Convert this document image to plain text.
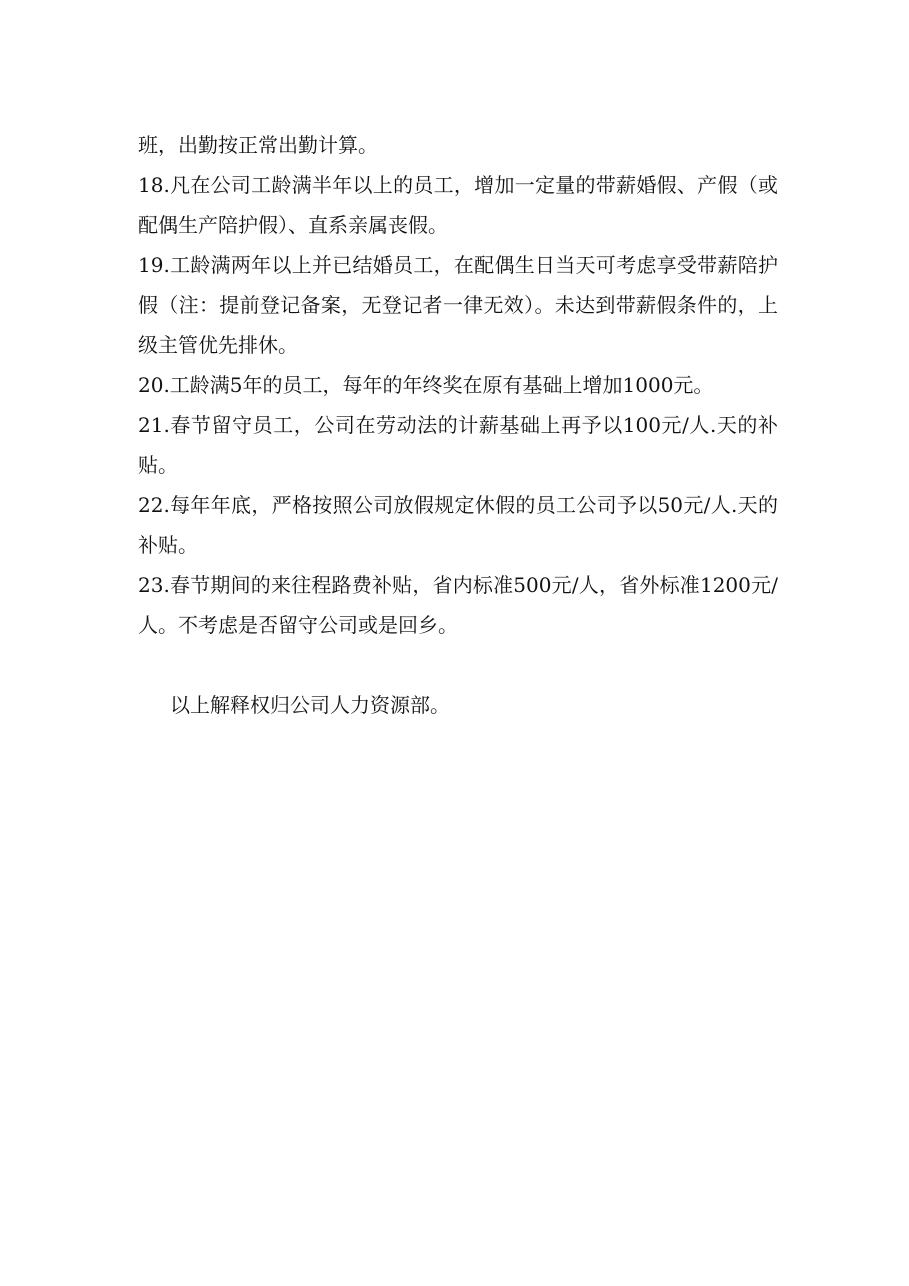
班，出勤按正常出勤计算。

18.凡在公司工龄满半年以上的员工，增加一定量的带薪婚假、产假（或配偶生产陪护假）、直系亲属丧假。

19.工龄满两年以上并已结婚员工，在配偶生日当天可考虑享受带薪陪护假（注：提前登记备案，无登记者一律无效）。未达到带薪假条件的，上级主管优先排休。

20.工龄满5年的员工，每年的年终奖在原有基础上增加1000元。

21.春节留守员工，公司在劳动法的计薪基础上再予以100元/人.天的补贴。

22.每年年底，严格按照公司放假规定休假的员工公司予以50元/人.天的补贴。

23.春节期间的来往程路费补贴，省内标准500元/人，省外标准1200元/人。不考虑是否留守公司或是回乡。

以上解释权归公司人力资源部。
